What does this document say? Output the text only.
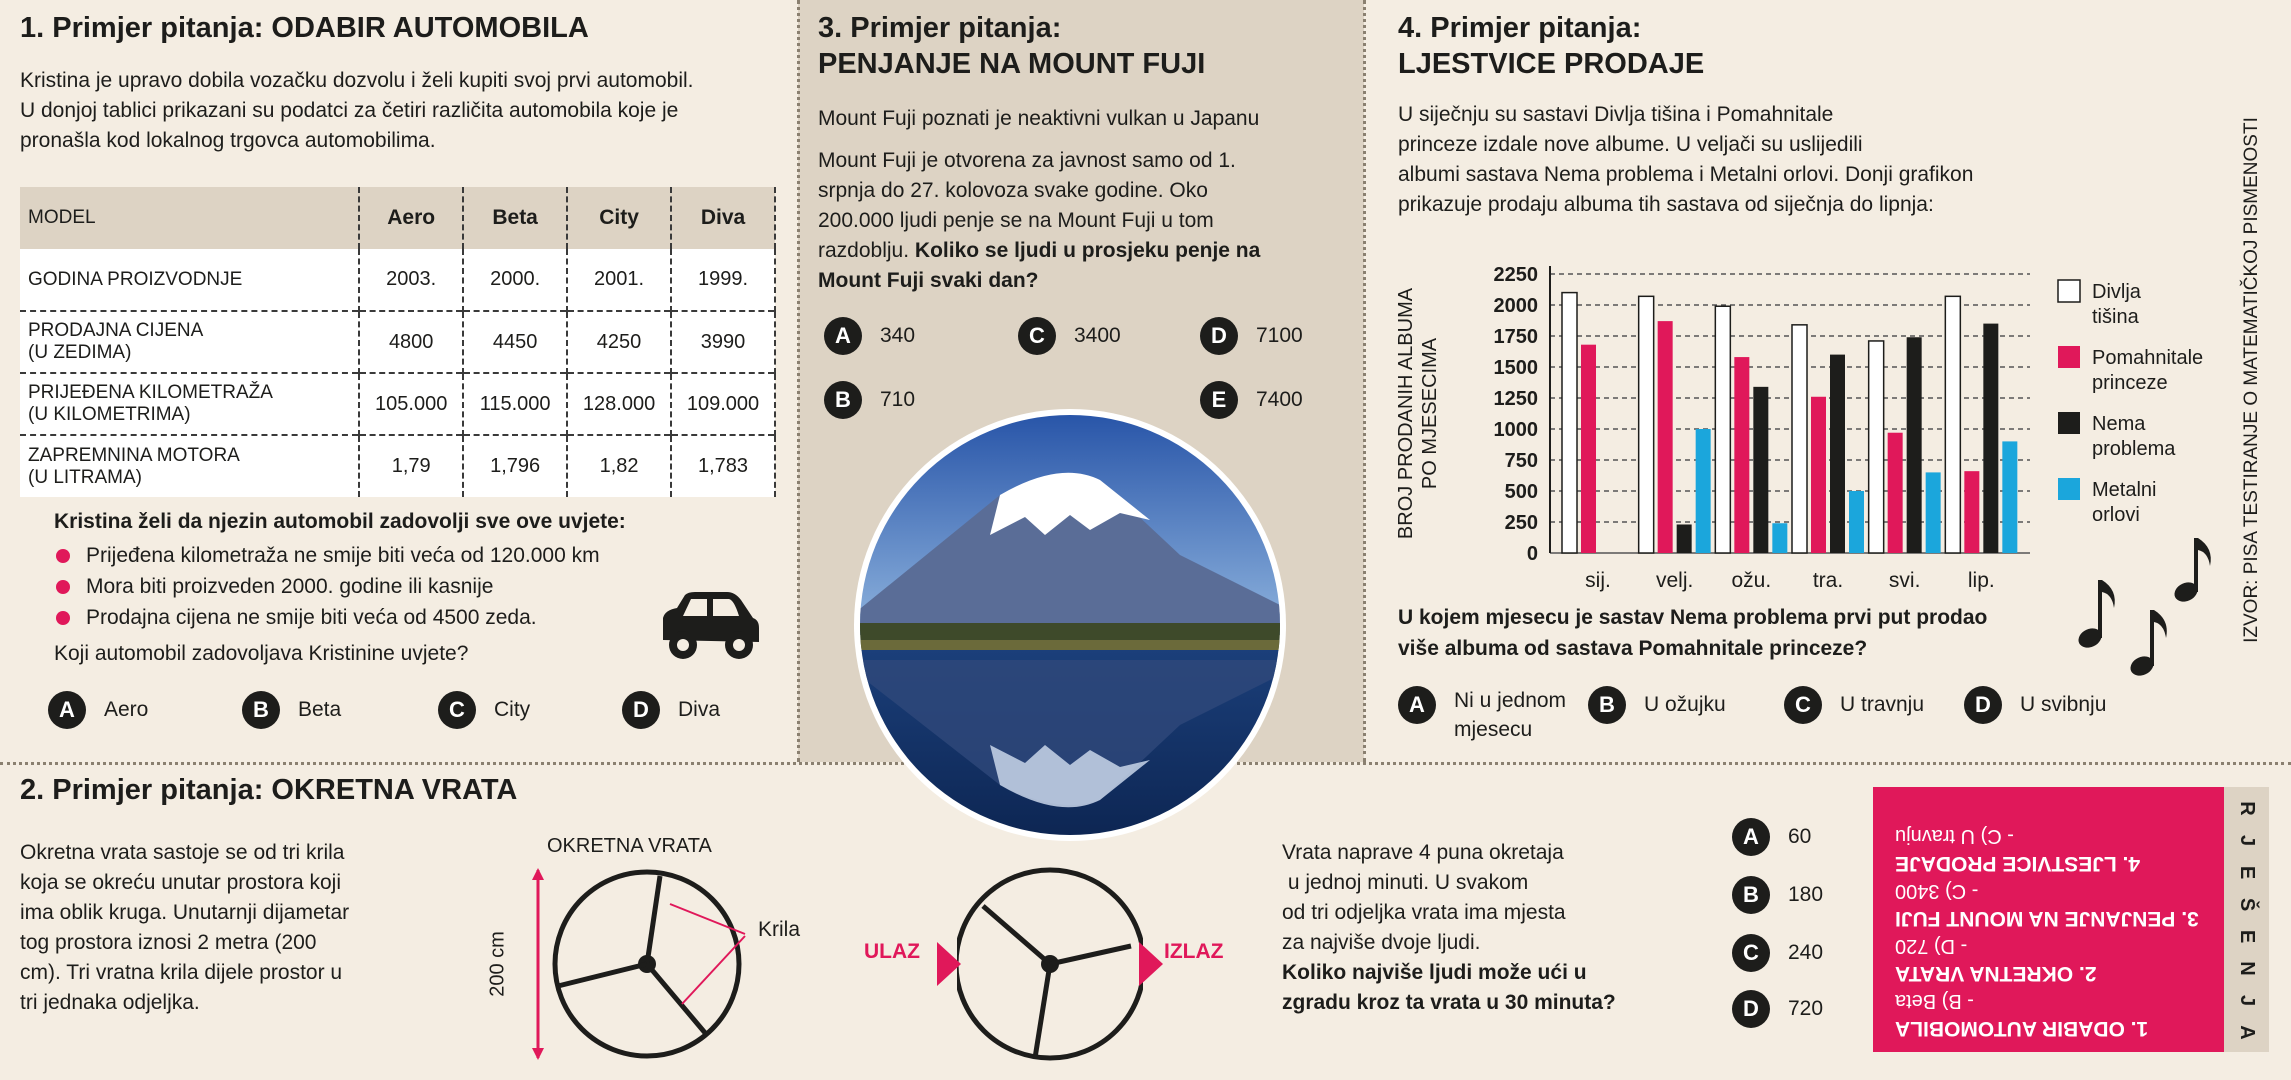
1. Primjer pitanja: ODABIR AUTOMOBILA

Kristina je upravo dobila vozačku dozvolu i želi kupiti svoj prvi automobil.

U donjoj tablici prikazani su podatci za četiri različita automobila koje je

pronašla kod lokalnog trgovca automobilima.

MODEL	Aero	Beta	City	Diva
GODINA PROIZVODNJE	2003.	2000.	2001.	1999.
PRODAJNA CIJENA
(U ZEDIMA)	4800	4450	4250	3990
PRIJEĐENA KILOMETRAŽA
(U KILOMETRIMA)	105.000	115.000	128.000	109.000
ZAPREMNINA MOTORA
(U LITRAMA)	1,79	1,796	1,82	1,783
Kristina želi da njezin automobil zadovolji sve ove uvjete:
Prijeđena kilometraža ne smije biti veća od 120.000 km
Mora biti proizveden 2000. godine ili kasnije
Prodajna cijena ne smije biti veća od 4500 zeda.
Koji automobil zadovoljava Kristinine uvjete?
A	Aero	B	Beta	C	City	D	Diva
3. Primjer pitanja:
PENJANJE NA MOUNT FUJI

Mount Fuji poznati je neaktivni vulkan u Japanu

Mount Fuji je otvorena za javnost samo od 1.

srpnja do 27. kolovoza svake godine. Oko

200.000 ljudi penje se na Mount Fuji u tom

razdoblju. Koliko se ljudi u prosjeku penje na

Mount Fuji svaki dan?

A	340	C	3400	D	7100
B	710	E	7400
4. Primjer pitanja:
LJESTVICE PRODAJE

U siječnju su sastavi Divlja tišina i Pomahnitale

princeze izdale nove albume. U veljači su uslijedili

albumi sastava Nema problema i Metalni orlovi. Donji grafikon

prikazuje prodaju albuma tih sastava od siječnja do lipnja:

BROJ PRODANIH ALBUMA PO MJESECIMA
0
250
500
750
1000
1250
1500
1750
2000
2250
sij. velj. ožu. tra. svi. lip.
Divlja
tišina
Pomahnitale
princeze
Nema
problema
Metalni
orlovi
U kojem mjesecu je sastav Nema problema prvi put prodao
više albuma od sastava Pomahnitale princeze?
A	Ni u jednom
mjesecu
B	U ožujku	C	U travnju	D	U svibnju
IZVOR: PISA TESTIRANJE O MATEMATIČKOJ PISMENOSTI
2. Primjer pitanja: OKRETNA VRATA

Okretna vrata sastoje se od tri krila

koja se okreću unutar prostora koji

ima oblik kruga. Unutarnji dijametar

tog prostora iznosi 2 metra (200

cm). Tri vratna krila dijele prostor u

tri jednaka odjeljka.

OKRETNA VRATA
200 cm
Krila
ULAZ	IZLAZ

Vrata naprave 4 puna okretaja

u jednoj minuti. U svakom

od tri odjeljka vrata ima mjesta

za najviše dvoje ljudi.

Koliko najviše ljudi može ući u

zgradu kroz ta vrata u 30 minuta?

A	60
B	180
C	240
D	720
1. ODABIR AUTOMOBILA
- B) Beta
2. OKRETNA VRATA
- D) 720
3. PENJANJE NA MOUNT FUJI
- C) 3400
4. LJESTVICE PRODAJE
- C) U travnju
R
J
E
Š
E
N
J
A
